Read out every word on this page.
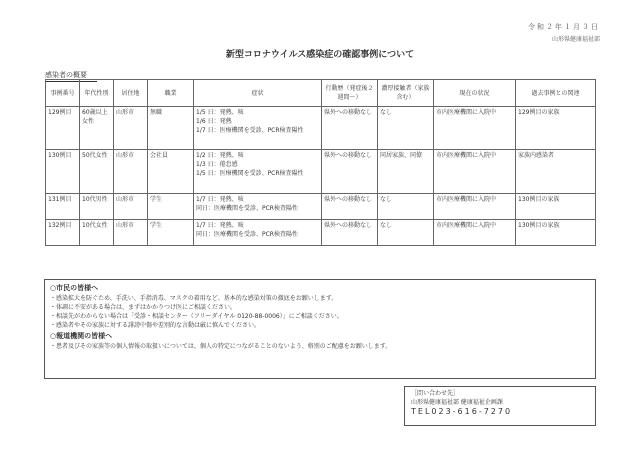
令和２年１月３日
山形県健康福祉部
新型コロナウイルス感染症の確認事例について
感染者の概要
事例番号	年代性別	居住地	職業	症状	行動歴（発症後２週間～）	濃厚接触者（家族含む）	現在の状況	過去事例との関連
129例目	60歳以上女性	山形市	無職	1/5 日：発熱、咳
1/6 日：発熱
1/7 日：医療機関を受診、PCR検査陽性	県外への移動なし	なし	市内医療機関に入院中	129例目の家族
130例目	50代女性	山形市	会社員	1/2 日：発熱、咳
1/3 日：倦怠感
1/5 日：医療機関を受診、PCR検査陽性	県外への移動なし	同居家族、同僚	市内医療機関に入院中	家族内感染者
131例目	10代男性	山形市	学生	1/7 日：発熱、咳
同日：医療機関を受診、PCR検査陽性	県外への移動なし	なし	市内医療機関に入院中	130例目の家族
132例目	10代女性	山形市	学生	1/7 日：発熱、咳
同日：医療機関を受診、PCR検査陽性	県外への移動なし	なし	市内医療機関に入院中	130例目の家族
○市民の皆様へ

・感染拡大を防ぐため、手洗い、手指消毒、マスクの着用など、基本的な感染対策の徹底をお願いします。

・体調に不安がある場合は、まずはかかりつけ医にご相談ください。

・相談先がわからない場合は「受診・相談センター（フリーダイヤル 0120-88-0006）」にご相談ください。

・感染者やその家族に対する誹謗中傷や差別的な言動は厳に慎んでください。

○報道機関の皆様へ

・患者及びその家族等の個人情報の取扱いについては、個人の特定につながることのないよう、格別のご配慮をお願いします。

［問い合わせ先］
山形県健康福祉部 健康福祉企画課
TEL023-616-7270
